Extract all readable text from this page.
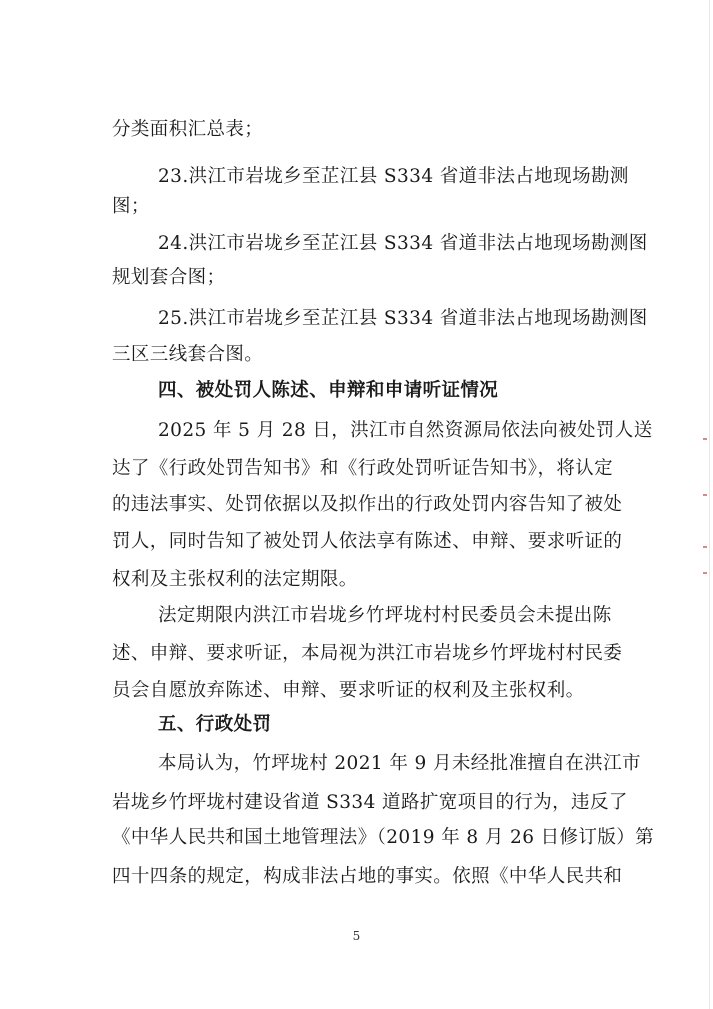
分类面积汇总表；
23.洪江市岩垅乡至芷江县 S334 省道非法占地现场勘测
图；
24.洪江市岩垅乡至芷江县 S334 省道非法占地现场勘测图
规划套合图；
25.洪江市岩垅乡至芷江县 S334 省道非法占地现场勘测图
三区三线套合图。
四、被处罚人陈述、申辩和申请听证情况
2025 年 5 月 28 日，洪江市自然资源局依法向被处罚人送
达了《行政处罚告知书》和《行政处罚听证告知书》，将认定
的违法事实、处罚依据以及拟作出的行政处罚内容告知了被处
罚人，同时告知了被处罚人依法享有陈述、申辩、要求听证的
权利及主张权利的法定期限。
法定期限内洪江市岩垅乡竹坪垅村村民委员会未提出陈
述、申辩、要求听证，本局视为洪江市岩垅乡竹坪垅村村民委
员会自愿放弃陈述、申辩、要求听证的权利及主张权利。
五、行政处罚
本局认为，竹坪垅村 2021 年 9 月未经批准擅自在洪江市
岩垅乡竹坪垅村建设省道 S334 道路扩宽项目的行为，违反了
《中华人民共和国土地管理法》（2019 年 8 月 26 日修订版）第
四十四条的规定，构成非法占地的事实。依照《中华人民共和
5
